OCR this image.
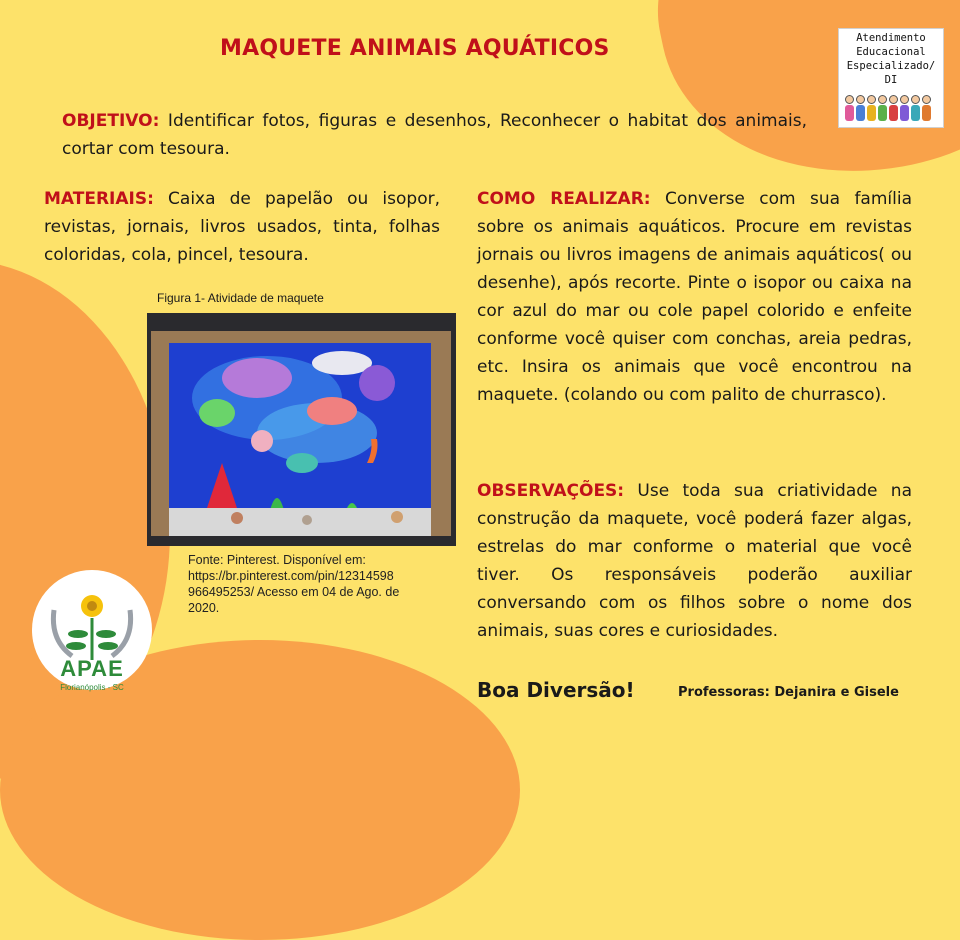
MAQUETE ANIMAIS AQUÁTICOS	Atendimento
Educacional
Especializado/ DI

OBJETIVO: Identificar fotos, figuras e desenhos, Reconhecer o habitat dos animais, cortar com tesoura.

MATERIAIS: Caixa de papelão ou isopor, revistas, jornais, livros usados, tinta, folhas coloridas, cola, pincel, tesoura.

COMO REALIZAR: Converse com sua família sobre os animais aquáticos. Procure em revistas jornais ou livros imagens de animais aquáticos( ou desenhe), após recorte. Pinte o isopor ou caixa na cor azul do mar ou cole papel colorido e enfeite conforme você quiser com conchas, areia pedras, etc. Insira os animais que você encontrou na maquete. (colando ou com palito de churrasco).

OBSERVAÇÕES: Use toda sua criatividade na construção da maquete, você poderá fazer algas, estrelas do mar conforme o material que você tiver. Os responsáveis poderão auxiliar conversando com os filhos sobre o nome dos animais, suas cores e curiosidades.

Figura 1- Atividade de maquete
Fonte: Pinterest. Disponível em: https://br.pinterest.com/pin/12314598 966495253/ Acesso em 04 de Ago. de 2020.
APAE
Florianópolis - SC	Boa Diversão!	Professoras: Dejanira e Gisele
